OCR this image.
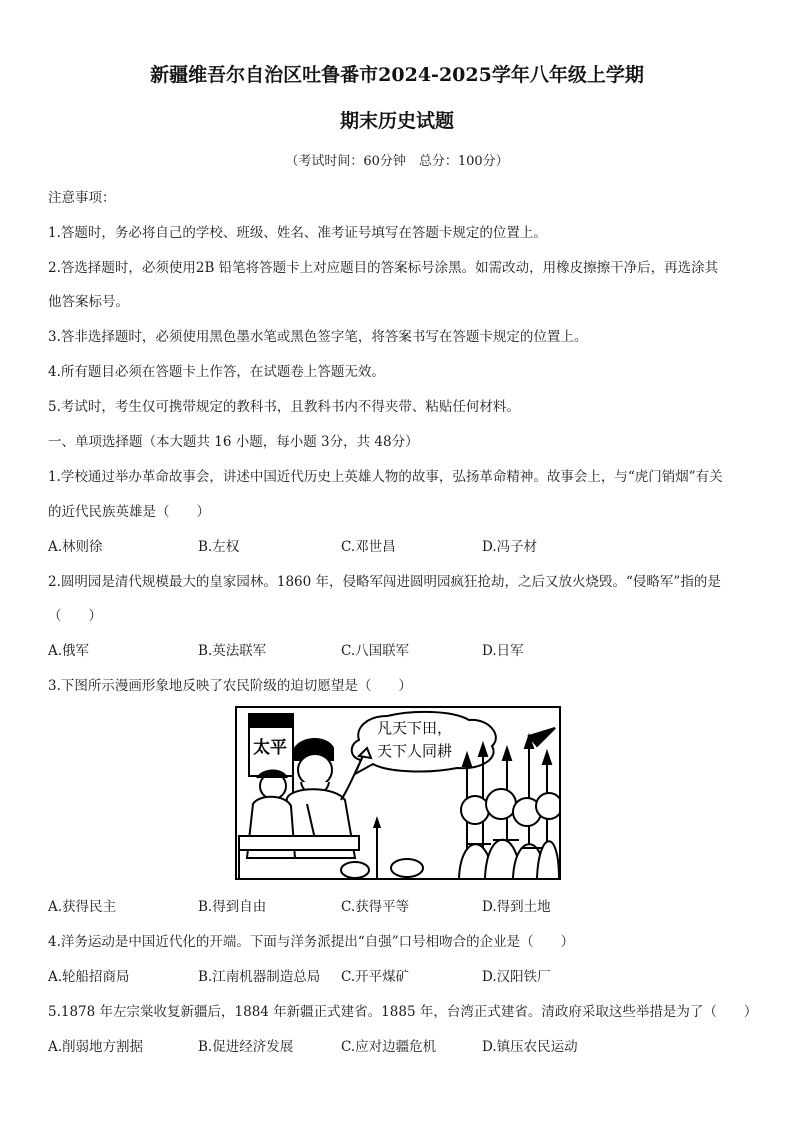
新疆维吾尔自治区吐鲁番市2024-2025学年八年级上学期
期末历史试题
（考试时间：60分钟　总分：100分）
注意事项：
1.答题时，务必将自己的学校、班级、姓名、准考证号填写在答题卡规定的位置上。
2.答选择题时，必须使用2B 铅笔将答题卡上对应题目的答案标号涂黑。如需改动，用橡皮擦擦干净后，再选涂其
他答案标号。
3.答非选择题时，必须使用黑色墨水笔或黑色签字笔，将答案书写在答题卡规定的位置上。
4.所有题目必须在答题卡上作答，在试题卷上答题无效。
5.考试时，考生仅可携带规定的教科书，且教科书内不得夹带、粘贴任何材料。
一、单项选择题（本大题共 16 小题，每小题 3分，共 48分）
1.学校通过举办革命故事会，讲述中国近代历史上英雄人物的故事，弘扬革命精神。故事会上，与“虎门销烟”有关
的近代民族英雄是（　　）
A.林则徐	B.左权	C.邓世昌	D.冯子材
2.圆明园是清代规模最大的皇家园林。1860 年，侵略军闯进圆明园疯狂抢劫，之后又放火烧毁。“侵略军”指的是
（　　）
A.俄军	B.英法联军	C.八国联军	D.日军
3.下图所示漫画形象地反映了农民阶级的迫切愿望是（　　）
凡天下田，
天下人同耕
太平
A.获得民主	B.得到自由	C.获得平等	D.得到土地
4.洋务运动是中国近代化的开端。下面与洋务派提出“自强”口号相吻合的企业是（　　）
A.轮船招商局	B.江南机器制造总局 C.开平煤矿	D.汉阳铁厂
5.1878 年左宗棠收复新疆后，1884 年新疆正式建省。1885 年，台湾正式建省。清政府采取这些举措是为了（　　）
A.削弱地方割据	B.促进经济发展	C.应对边疆危机	D.镇压农民运动
